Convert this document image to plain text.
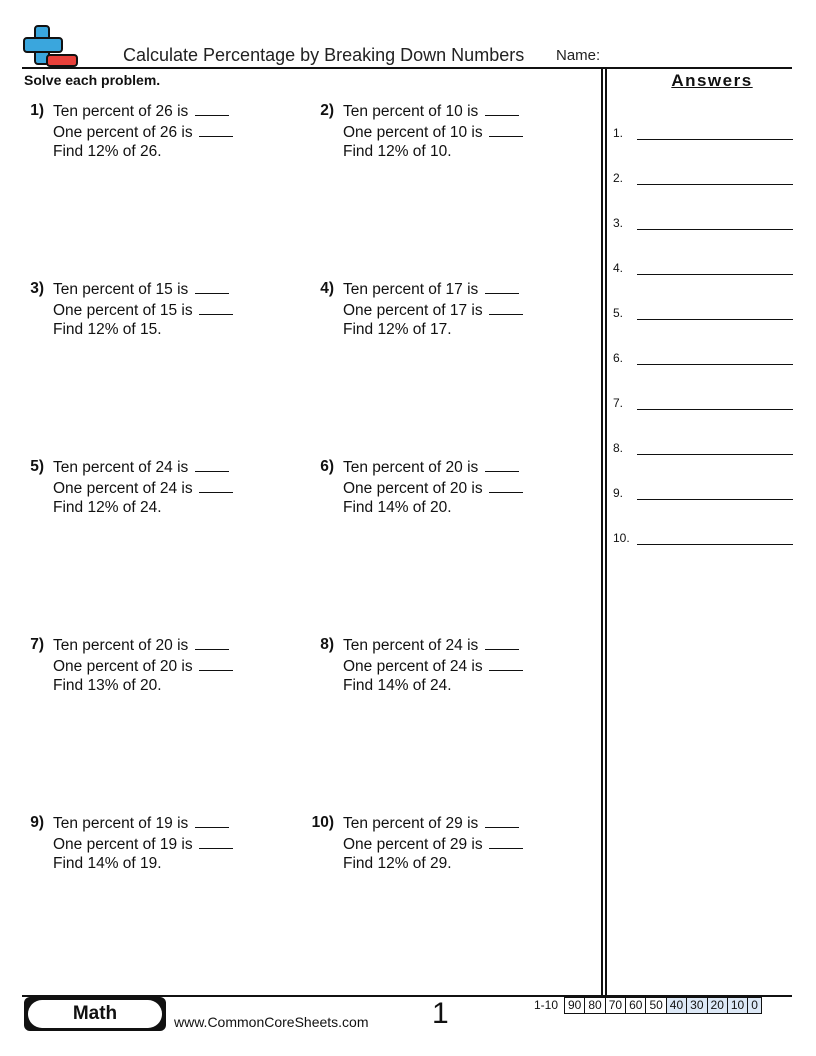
Calculate Percentage by Breaking Down Numbers Name:
Solve each problem.
1) Ten percent of 26 is
One percent of 26 is
Find 12% of 26.
2) Ten percent of 10 is
One percent of 10 is
Find 12% of 10.
3) Ten percent of 15 is
One percent of 15 is
Find 12% of 15.
4) Ten percent of 17 is
One percent of 17 is
Find 12% of 17.
5) Ten percent of 24 is
One percent of 24 is
Find 12% of 24.
6) Ten percent of 20 is
One percent of 20 is
Find 14% of 20.
7) Ten percent of 20 is
One percent of 20 is
Find 13% of 20.
8) Ten percent of 24 is
One percent of 24 is
Find 14% of 24.
9) Ten percent of 19 is
One percent of 19 is
Find 14% of 19.
10) Ten percent of 29 is
One percent of 29 is
Find 12% of 29.
Answers
1.
2.
3.
4.
5.
6.
7.
8.
9.
10.
Math	www.CommonCoreSheets.com 1	1-10 90	80	70	60	50	40	30	20	10	0
